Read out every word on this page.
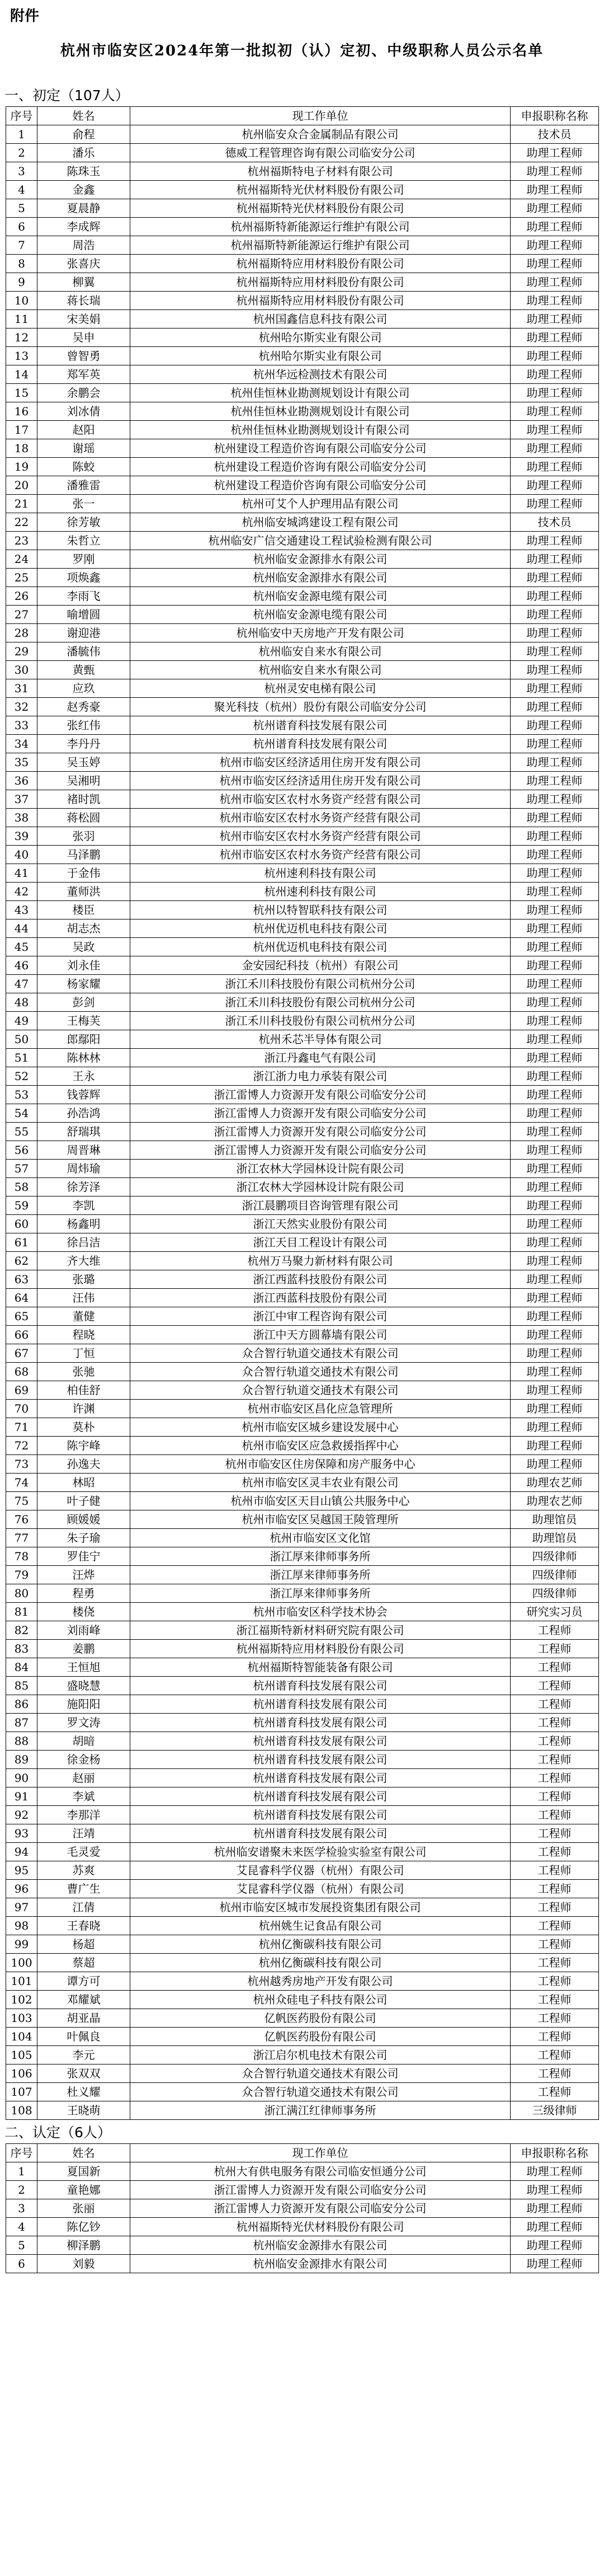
附件
杭州市临安区2024年第一批拟初（认）定初、中级职称人员公示名单
一、初定（107人）
序号	姓名	现工作单位	申报职称名称
1	俞程	杭州临安众合金属制品有限公司	技术员
2	潘乐	德威工程管理咨询有限公司临安分公司	助理工程师
3	陈珠玉	杭州福斯特电子材料有限公司	助理工程师
4	金鑫	杭州福斯特光伏材料股份有限公司	助理工程师
5	夏晨静	杭州福斯特光伏材料股份有限公司	助理工程师
6	李成辉	杭州福斯特新能源运行维护有限公司	助理工程师
7	周浩	杭州福斯特新能源运行维护有限公司	助理工程师
8	张喜庆	杭州福斯特应用材料股份有限公司	助理工程师
9	柳翼	杭州福斯特应用材料股份有限公司	助理工程师
10	蒋长瑞	杭州福斯特应用材料股份有限公司	助理工程师
11	宋美娟	杭州国鑫信息科技有限公司	助理工程师
12	吴申	杭州哈尔斯实业有限公司	助理工程师
13	曾智勇	杭州哈尔斯实业有限公司	助理工程师
14	郑军英	杭州华远检测技术有限公司	助理工程师
15	余鹏会	杭州佳恒林业勘测规划设计有限公司	助理工程师
16	刘冰倩	杭州佳恒林业勘测规划设计有限公司	助理工程师
17	赵阳	杭州佳恒林业勘测规划设计有限公司	助理工程师
18	谢瑶	杭州建设工程造价咨询有限公司临安分公司	助理工程师
19	陈蛟	杭州建设工程造价咨询有限公司临安分公司	助理工程师
20	潘雅雷	杭州建设工程造价咨询有限公司临安分公司	助理工程师
21	张一	杭州可艾个人护理用品有限公司	助理工程师
22	徐芳敏	杭州临安城鸿建设工程有限公司	技术员
23	朱哲立	杭州临安广信交通建设工程试验检测有限公司	助理工程师
24	罗刚	杭州临安金源排水有限公司	助理工程师
25	项焕鑫	杭州临安金源排水有限公司	助理工程师
26	李雨飞	杭州临安金源电缆有限公司	助理工程师
27	喻增圆	杭州临安金源电缆有限公司	助理工程师
28	谢迎港	杭州临安中天房地产开发有限公司	助理工程师
29	潘毓伟	杭州临安自来水有限公司	助理工程师
30	黄甄	杭州临安自来水有限公司	助理工程师
31	应玖	杭州灵安电梯有限公司	助理工程师
32	赵秀豪	聚光科技（杭州）股份有限公司临安分公司	助理工程师
33	张红伟	杭州谱育科技发展有限公司	助理工程师
34	李丹丹	杭州谱育科技发展有限公司	助理工程师
35	吴玉婷	杭州市临安区经济适用住房开发有限公司	助理工程师
36	吴湘明	杭州市临安区经济适用住房开发有限公司	助理工程师
37	褚时凯	杭州市临安区农村水务资产经营有限公司	助理工程师
38	蒋松圆	杭州市临安区农村水务资产经营有限公司	助理工程师
39	张羽	杭州市临安区农村水务资产经营有限公司	助理工程师
40	马泽鹏	杭州市临安区农村水务资产经营有限公司	助理工程师
41	于金伟	杭州速利科技有限公司	助理工程师
42	董师洪	杭州速利科技有限公司	助理工程师
43	楼臣	杭州以特智联科技有限公司	助理工程师
44	胡志杰	杭州优迈机电科技有限公司	助理工程师
45	吴政	杭州优迈机电科技有限公司	助理工程师
46	刘永佳	金安园纪科技（杭州）有限公司	助理工程师
47	杨家耀	浙江禾川科技股份有限公司杭州分公司	助理工程师
48	彭剑	浙江禾川科技股份有限公司杭州分公司	助理工程师
49	王梅芙	浙江禾川科技股份有限公司杭州分公司	助理工程师
50	郎鄢阳	杭州禾芯半导体有限公司	助理工程师
51	陈林林	浙江丹鑫电气有限公司	助理工程师
52	王永	浙江浙力电力承装有限公司	助理工程师
53	钱蓉辉	浙江雷博人力资源开发有限公司临安分公司	助理工程师
54	孙浩鸿	浙江雷博人力资源开发有限公司临安分公司	助理工程师
55	舒瑞琪	浙江雷博人力资源开发有限公司临安分公司	助理工程师
56	周晋琳	浙江雷博人力资源开发有限公司临安分公司	助理工程师
57	周炜瑜	浙江农林大学园林设计院有限公司	助理工程师
58	徐芳泽	浙江农林大学园林设计院有限公司	助理工程师
59	李凯	浙江晨鹏项目咨询管理有限公司	助理工程师
60	杨鑫明	浙江天然实业股份有限公司	助理工程师
61	徐吕洁	浙江天目工程设计有限公司	助理工程师
62	齐大维	杭州万马聚力新材料有限公司	助理工程师
63	张璐	浙江西蓝科技股份有限公司	助理工程师
64	汪伟	浙江西蓝科技股份有限公司	助理工程师
65	董健	浙江中审工程咨询有限公司	助理工程师
66	程晓	浙江中天方圆幕墙有限公司	助理工程师
67	丁恒	众合智行轨道交通技术有限公司	助理工程师
68	张驰	众合智行轨道交通技术有限公司	助理工程师
69	柏佳舒	众合智行轨道交通技术有限公司	助理工程师
70	许渊	杭州市临安区昌化应急管理所	助理工程师
71	莫朴	杭州市临安区城乡建设发展中心	助理工程师
72	陈宇峰	杭州市临安区应急救援指挥中心	助理工程师
73	孙逸夫	杭州市临安区住房保障和房产服务中心	助理工程师
74	林昭	杭州市临安区灵丰农业有限公司	助理农艺师
75	叶子健	杭州市临安区天目山镇公共服务中心	助理农艺师
76	顾媛媛	杭州市临安区吴越国王陵管理所	助理馆员
77	朱子瑜	杭州市临安区文化馆	助理馆员
78	罗佳宁	浙江厚来律师事务所	四级律师
79	汪烨	浙江厚来律师事务所	四级律师
80	程勇	浙江厚来律师事务所	四级律师
81	楼侥	杭州市临安区科学技术协会	研究实习员
82	刘雨峰	浙江福斯特新材料研究院有限公司	工程师
83	姜鹏	杭州福斯特应用材料股份有限公司	工程师
84	王恒旭	杭州福斯特智能装备有限公司	工程师
85	盛晓慧	杭州谱育科技发展有限公司	工程师
86	施阳阳	杭州谱育科技发展有限公司	工程师
87	罗文涛	杭州谱育科技发展有限公司	工程师
88	胡暗	杭州谱育科技发展有限公司	工程师
89	徐金杨	杭州谱育科技发展有限公司	工程师
90	赵丽	杭州谱育科技发展有限公司	工程师
91	李斌	杭州谱育科技发展有限公司	工程师
92	李那洋	杭州谱育科技发展有限公司	工程师
93	汪靖	杭州谱育科技发展有限公司	工程师
94	毛灵爱	杭州临安谱聚未来医学检验实验室有限公司	工程师
95	苏爽	艾昆睿科学仪器（杭州）有限公司	工程师
96	曹广生	艾昆睿科学仪器（杭州）有限公司	工程师
97	江倩	杭州市临安区城市发展投资集团有限公司	工程师
98	王春晓	杭州姚生记食品有限公司	工程师
99	杨超	杭州亿衡碳科技有限公司	工程师
100	蔡超	杭州亿衡碳科技有限公司	工程师
101	谭方可	杭州越秀房地产开发有限公司	工程师
102	邓耀斌	杭州众硅电子科技有限公司	工程师
103	胡亚晶	亿帆医药股份有限公司	工程师
104	叶佩良	亿帆医药股份有限公司	工程师
105	李元	浙江启尔机电技术有限公司	工程师
106	张双双	众合智行轨道交通技术有限公司	工程师
107	杜义耀	众合智行轨道交通技术有限公司	工程师
108	王晓萌	浙江满江红律师事务所	三级律师
二、认定（6人）
序号	姓名	现工作单位	申报职称名称
1	夏国新	杭州大有供电服务有限公司临安恒通分公司	助理工程师
2	童艳娜	浙江雷博人力资源开发有限公司临安分公司	助理工程师
3	张丽	浙江雷博人力资源开发有限公司临安分公司	助理工程师
4	陈亿钞	杭州福斯特光伏材料股份有限公司	助理工程师
5	柳泽鹏	杭州临安金源排水有限公司	助理工程师
6	刘毅	杭州临安金源排水有限公司	助理工程师
